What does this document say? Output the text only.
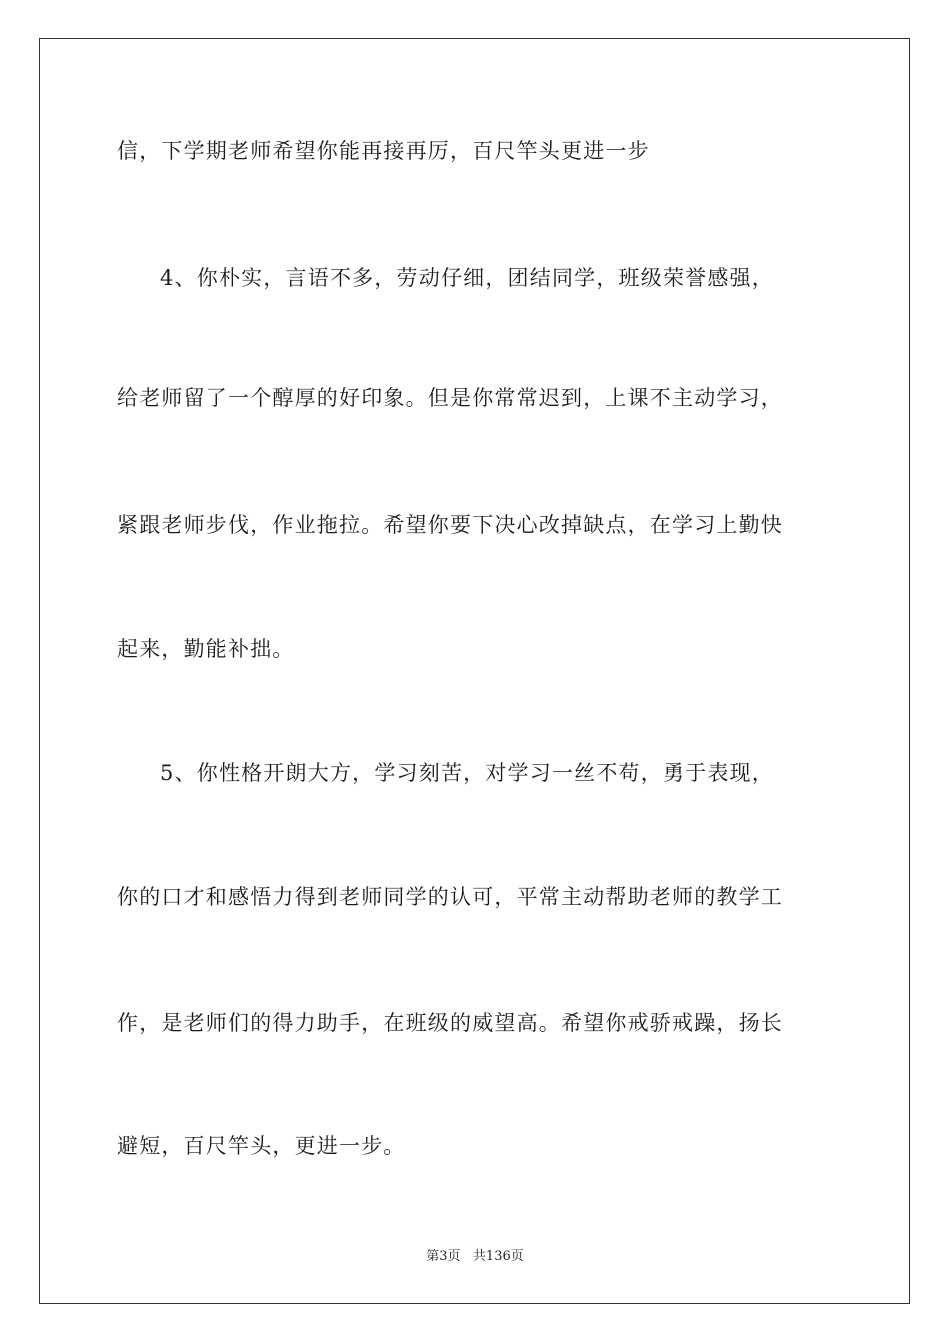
信，下学期老师希望你能再接再厉，百尺竿头更进一步
4、你朴实，言语不多，劳动仔细，团结同学，班级荣誉感强，
给老师留了一个醇厚的好印象。但是你常常迟到，上课不主动学习，
紧跟老师步伐，作业拖拉。希望你要下决心改掉缺点，在学习上勤快
起来，勤能补拙。
5、你性格开朗大方，学习刻苦，对学习一丝不苟，勇于表现，
你的口才和感悟力得到老师同学的认可，平常主动帮助老师的教学工
作，是老师们的得力助手，在班级的威望高。希望你戒骄戒躁，扬长
避短，百尺竿头，更进一步。
第3页 共136页
